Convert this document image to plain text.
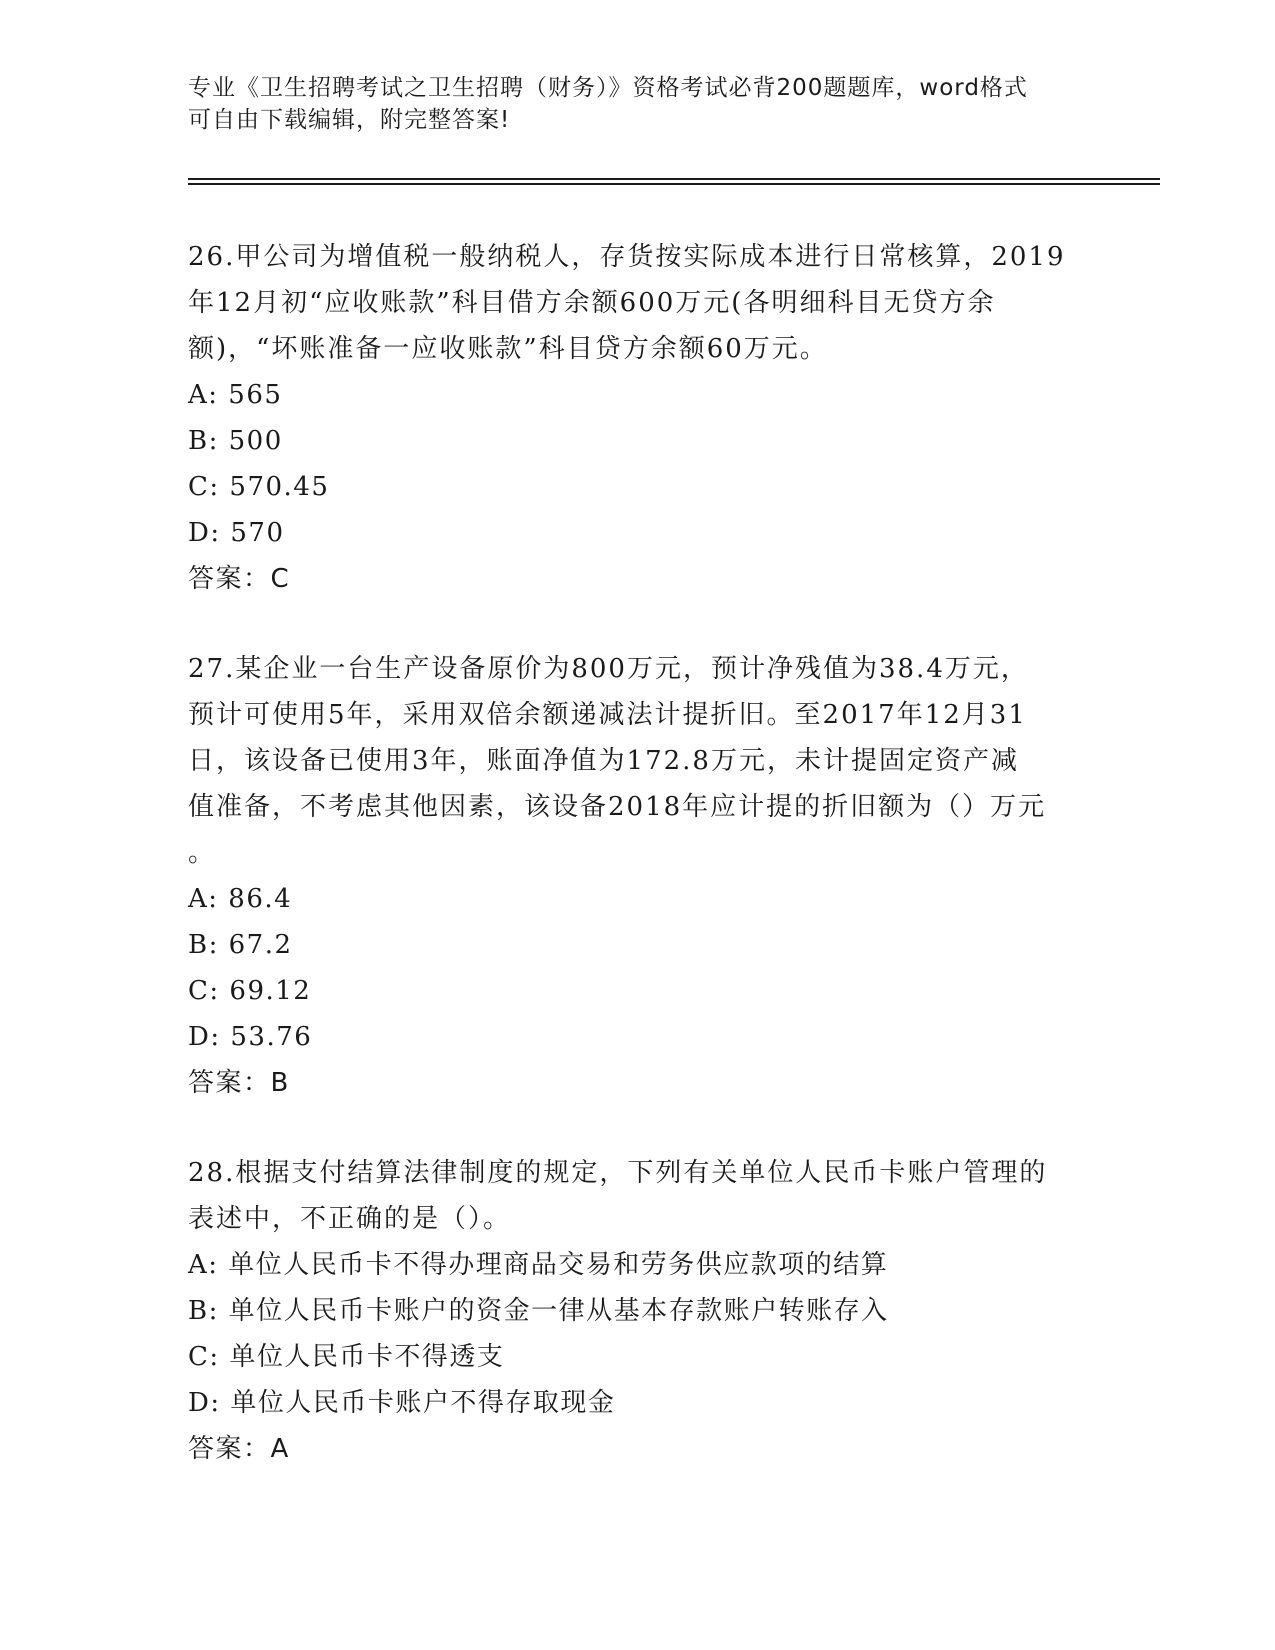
专业《卫生招聘考试之卫生招聘（财务）》资格考试必背200题题库，word格式
可自由下载编辑，附完整答案!
26.甲公司为增值税一般纳税人，存货按实际成本进行日常核算，2019
年12月初“应收账款”科目借方余额600万元(各明细科目无贷方余
额)，“坏账准备一应收账款”科目贷方余额60万元。
A: 565
B: 500
C: 570.45
D: 570
答案：C
27.某企业一台生产设备原价为800万元，预计净残值为38.4万元，
预计可使用5年，采用双倍余额递减法计提折旧。至2017年12月31
日，该设备已使用3年，账面净值为172.8万元，未计提固定资产减
值准备，不考虑其他因素，该设备2018年应计提的折旧额为（）万元
。
A: 86.4
B: 67.2
C: 69.12
D: 53.76
答案：B
28.根据支付结算法律制度的规定，下列有关单位人民币卡账户管理的
表述中，不正确的是（）。
A: 单位人民币卡不得办理商品交易和劳务供应款项的结算
B: 单位人民币卡账户的资金一律从基本存款账户转账存入
C: 单位人民币卡不得透支
D: 单位人民币卡账户不得存取现金
答案：A
